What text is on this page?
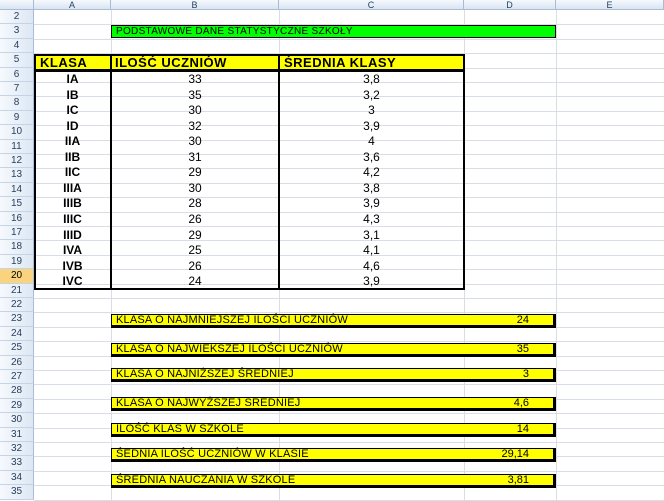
A	B	C	D	E
2
3
4
5
6
7
8
9
10
11
12
13
14
15
16
17
18
19
20
21
22
23
24
25
26
27
28
29
30
31
32
33
34
35
PODSTAWOWE DANE STATYSTYCZNE SZKOŁY
KLASA	ILOŚĆ UCZNIÓW	ŚREDNIA KLASY
IA	33	3,8
IB	35	3,2
IC	30	3
ID	32	3,9
IIA	30	4
IIB	31	3,6
IIC	29	4,2
IIIA	30	3,8
IIIB	28	3,9
IIIC	26	4,3
IIID	29	3,1
IVA	25	4,1
IVB	26	4,6
IVC	24	3,9
KLASA O NAJMNIEJSZEJ ILOŚCI UCZNIÓW	24
KLASA O NAJWIEKSZEJ ILOŚCI UCZNIÓW	35
KLASA O NAJNIŻSZEJ ŚREDNIEJ	3
KLASA O NAJWYŻSZEJ SREDNIEJ	4,6
ILOŚĆ KLAS W SZKOLE	14
ŚEDNIA ILOŚĆ UCZNIÓW W KLASIE	29,14
ŚREDNIA NAUCZANIA W SZKOLE	3,81
